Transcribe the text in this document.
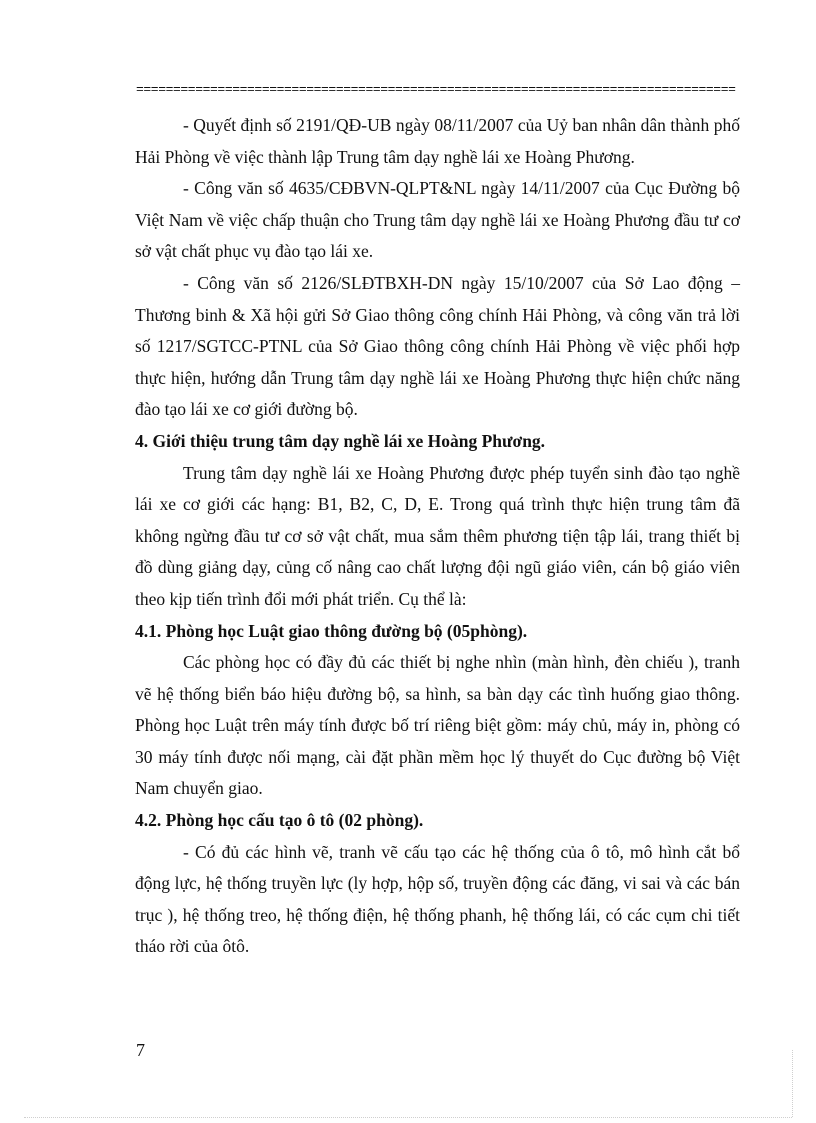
=================================================================================

- Quyết định số 2191/QĐ-UB ngày 08/11/2007 của Uỷ ban nhân dân thành phố Hải Phòng về việc thành lập Trung tâm dạy nghề lái xe Hoàng Phương.

- Công văn số 4635/CĐBVN-QLPT&NL ngày 14/11/2007 của Cục Đường bộ Việt Nam về việc chấp thuận cho Trung tâm dạy nghề lái xe Hoàng Phương đầu tư cơ sở vật chất phục vụ đào tạo lái xe.

- Công văn số 2126/SLĐTBXH-DN ngày 15/10/2007 của Sở Lao động – Thương binh & Xã hội gửi Sở Giao thông công chính Hải Phòng, và công văn trả lời số 1217/SGTCC-PTNL của Sở Giao thông công chính Hải Phòng về việc phối hợp thực hiện, hướng dẫn Trung tâm dạy nghề lái xe Hoàng Phương thực hiện chức năng đào tạo lái xe cơ giới đường bộ.

4. Giới thiệu trung tâm dạy nghề lái xe Hoàng Phương.

Trung tâm dạy nghề lái xe Hoàng Phương được phép tuyển sinh đào tạo nghề lái xe cơ giới các hạng: B1, B2, C, D, E. Trong quá trình thực hiện trung tâm đã không ngừng đầu tư cơ sở vật chất, mua sắm thêm phương tiện tập lái, trang thiết bị đồ dùng giảng dạy, củng cố nâng cao chất lượng đội ngũ giáo viên, cán bộ giáo viên theo kịp tiến trình đổi mới phát triển. Cụ thể là:

4.1. Phòng học Luật giao thông đường bộ (05phòng).

Các phòng học có đầy đủ các thiết bị nghe nhìn (màn hình, đèn chiếu ), tranh vẽ hệ thống biển báo hiệu đường bộ, sa hình, sa bàn dạy các tình huống giao thông. Phòng học Luật trên máy tính được bố trí riêng biệt gồm: máy chủ, máy in, phòng có 30 máy tính được nối mạng, cài đặt phần mềm học lý thuyết do Cục đường bộ Việt Nam chuyển giao.

4.2. Phòng học cấu tạo ô tô (02 phòng).

- Có đủ các hình vẽ, tranh vẽ cấu tạo các hệ thống của ô tô, mô hình cắt bổ động lực, hệ thống truyền lực (ly hợp, hộp số, truyền động các đăng, vi sai và các bán trục ), hệ thống treo, hệ thống điện, hệ thống phanh, hệ thống lái, có các cụm chi tiết tháo rời của ôtô.

7
